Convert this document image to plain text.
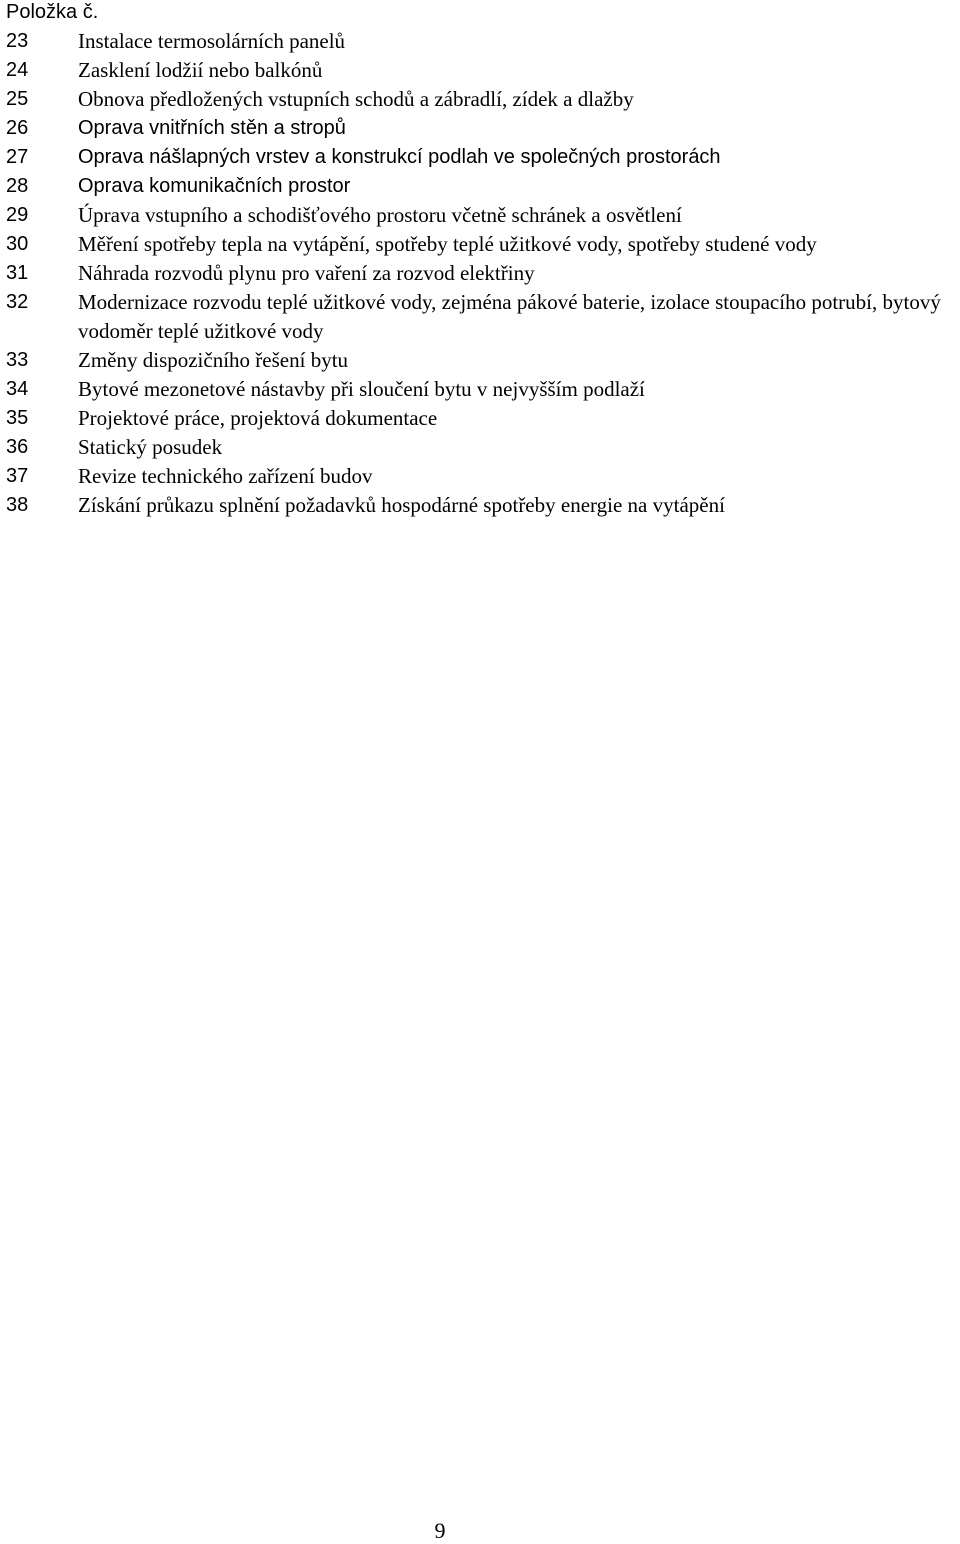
Položka č.
23	Instalace termosolárních panelů
24	Zasklení lodžií nebo balkónů
25	Obnova předložených vstupních schodů a zábradlí, zídek a dlažby
26	Oprava vnitřních stěn a stropů
27	Oprava nášlapných vrstev a konstrukcí podlah ve společných prostorách
28	Oprava komunikačních prostor
29	Úprava vstupního a schodišťového prostoru včetně schránek a osvětlení
30	Měření spotřeby tepla na vytápění, spotřeby teplé užitkové vody, spotřeby studené vody
31	Náhrada rozvodů plynu pro vaření za rozvod elektřiny
32	Modernizace rozvodu teplé užitkové vody, zejména pákové baterie, izolace stoupacího potrubí, bytový vodoměr teplé užitkové vody
33	Změny dispozičního řešení bytu
34	Bytové mezonetové nástavby při sloučení bytu v nejvyšším podlaží
35	Projektové práce, projektová dokumentace
36	Statický posudek
37	Revize technického zařízení budov
38	Získání průkazu splnění požadavků hospodárné spotřeby energie na vytápění
9
